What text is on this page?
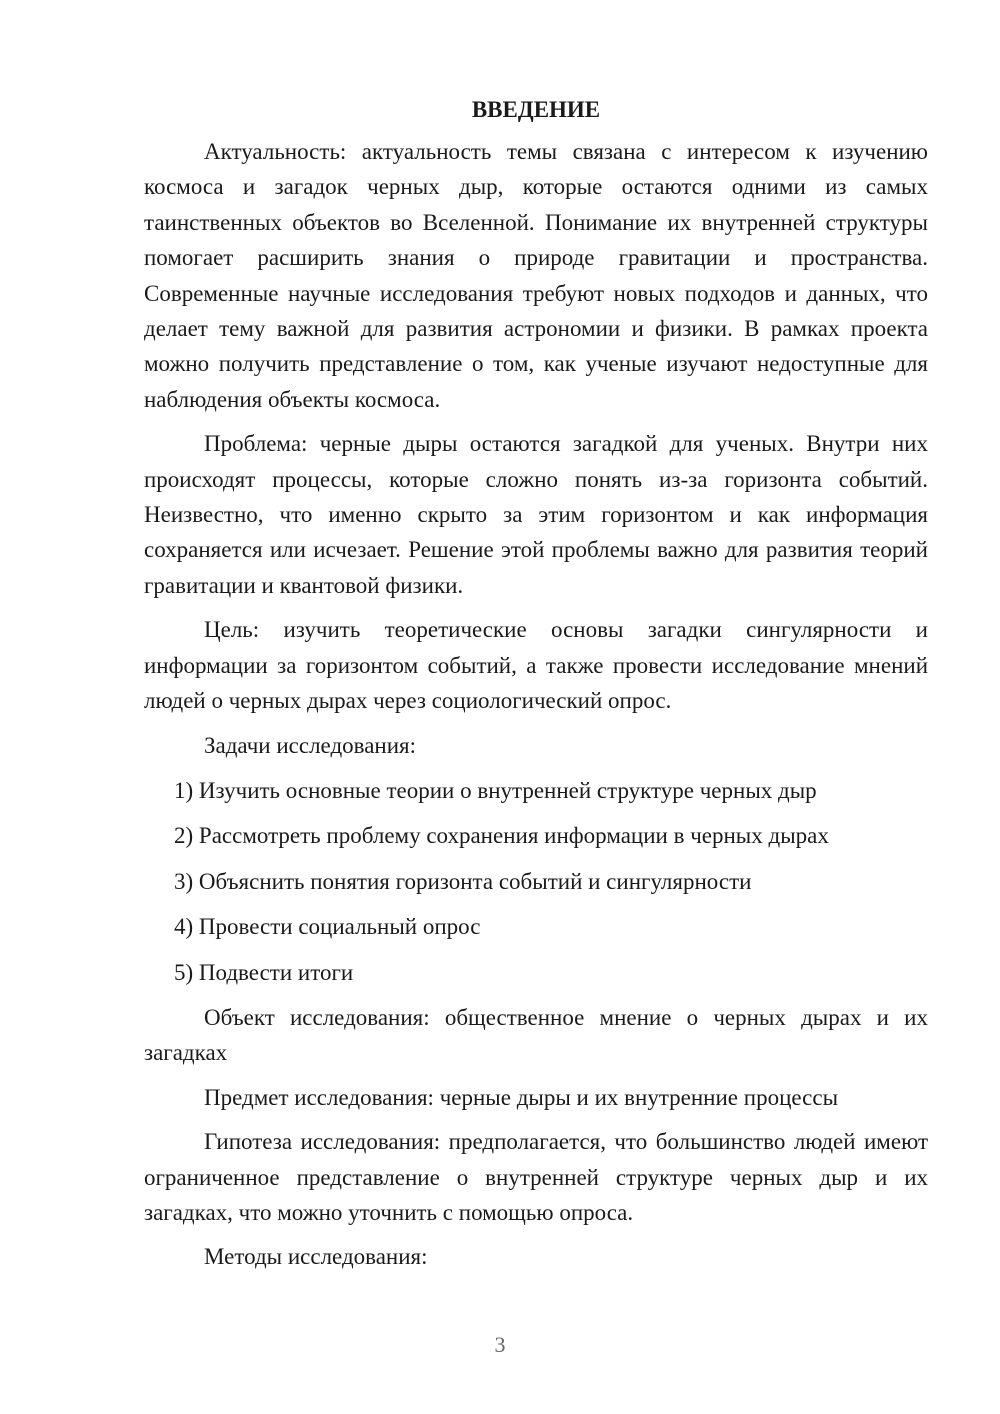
ВВЕДЕНИЕ

Актуальность: актуальность темы связана с интересом к изучению космоса и загадок черных дыр, которые остаются одними из самых таинственных объектов во Вселенной. Понимание их внутренней структуры помогает расширить знания о природе гравитации и пространства. Современные научные исследования требуют новых подходов и данных, что делает тему важной для развития астрономии и физики. В рамках проекта можно получить представление о том, как ученые изучают недоступные для наблюдения объекты космоса.

Проблема: черные дыры остаются загадкой для ученых. Внутри них происходят процессы, которые сложно понять из-за горизонта событий. Неизвестно, что именно скрыто за этим горизонтом и как информация сохраняется или исчезает. Решение этой проблемы важно для развития теорий гравитации и квантовой физики.

Цель: изучить теоретические основы загадки сингулярности и информации за горизонтом событий, а также провести исследование мнений людей о черных дырах через социологический опрос.

Задачи исследования:

1) Изучить основные теории о внутренней структуре черных дыр
2) Рассмотреть проблему сохранения информации в черных дырах
3) Объяснить понятия горизонта событий и сингулярности
4) Провести социальный опрос
5) Подвести итоги

Объект исследования: общественное мнение о черных дырах и их загадках

Предмет исследования: черные дыры и их внутренние процессы

Гипотеза исследования: предполагается, что большинство людей имеют ограниченное представление о внутренней структуре черных дыр и их загадках, что можно уточнить с помощью опроса.

Методы исследования:

3
